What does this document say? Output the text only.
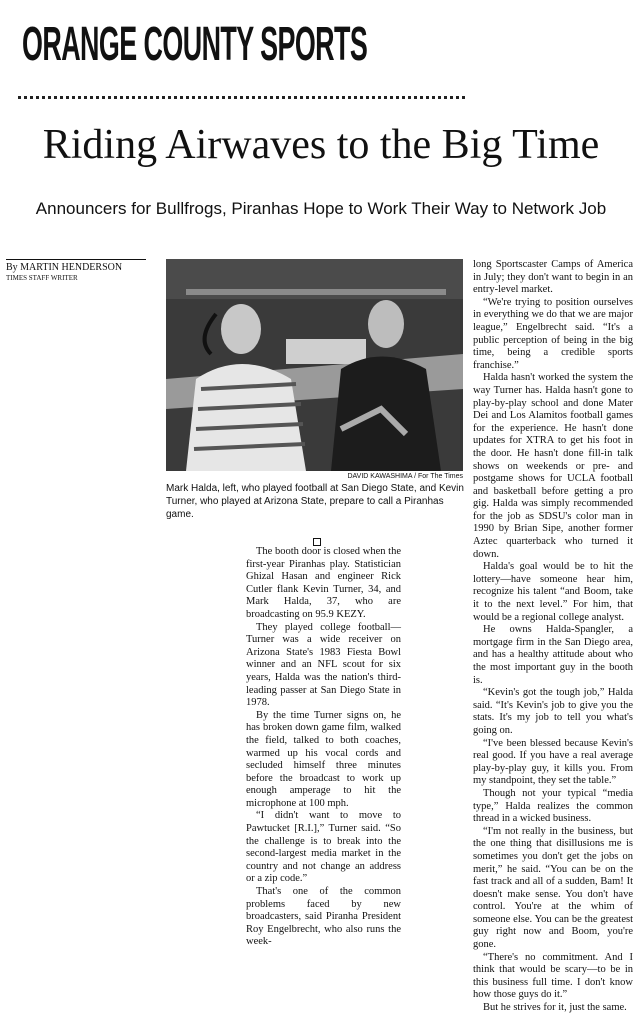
ORANGE COUNTY SPORTS
Riding Airwaves to the Big Time
Announcers for Bullfrogs, Piranhas Hope to Work Their Way to Network Job
By MARTIN HENDERSON
TIMES STAFF WRITER
DAVID KAWASHIMA / For The Times
Mark Halda, left, who played football at San Diego State, and Kevin Turner, who played at Arizona State, prepare to call a Piranhas game.

The booth door is closed when the first-year Piranhas play. Statistician Ghizal Hasan and engineer Rick Cutler flank Kevin Turner, 34, and Mark Halda, 37, who are broadcasting on 95.9 KEZY.

They played college football—Turner was a wide receiver on Arizona State's 1983 Fiesta Bowl winner and an NFL scout for six years, Halda was the nation's third-leading passer at San Diego State in 1978.

By the time Turner signs on, he has broken down game film, walked the field, talked to both coaches, warmed up his vocal cords and secluded himself three minutes before the broadcast to work up enough amperage to hit the microphone at 100 mph.

“I didn't want to move to Pawtucket [R.I.],” Turner said. “So the challenge is to break into the second-largest media market in the country and not change an address or a zip code.”

That's one of the common problems faced by new broadcasters, said Piranha President Roy Engelbrecht, who also runs the week-

long Sportscaster Camps of America in July; they don't want to begin in an entry-level market.

“We're trying to position ourselves in everything we do that we are major league,” Engelbrecht said. “It's a public perception of being in the big time, being a credible sports franchise.”

Halda hasn't worked the system the way Turner has. Halda hasn't gone to play-by-play school and done Mater Dei and Los Alamitos football games for the experience. He hasn't done updates for XTRA to get his foot in the door. He hasn't done fill-in talk shows on weekends or pre- and postgame shows for UCLA football and basketball before getting a pro gig. Halda was simply recommended for the job as SDSU's color man in 1990 by Brian Sipe, another former Aztec quarterback who turned it down.

Halda's goal would be to hit the lottery—have someone hear him, recognize his talent “and Boom, take it to the next level.” For him, that would be a regional college analyst.

He owns Halda-Spangler, a mortgage firm in the San Diego area, and has a healthy attitude about who the most important guy in the booth is.

“Kevin's got the tough job,” Halda said. “It's Kevin's job to give you the stats. It's my job to tell you what's going on.

“I've been blessed because Kevin's real good. If you have a real average play-by-play guy, it kills you. From my standpoint, they set the table.”

Though not your typical “media type,” Halda realizes the common thread in a wicked business.

“I'm not really in the business, but the one thing that disillusions me is sometimes you don't get the jobs on merit,” he said. “You can be on the fast track and all of a sudden, Bam! It doesn't make sense. You don't have control. You're at the whim of someone else. You can be the greatest guy right now and Boom, you're gone.

“There's no commitment. And I think that would be scary—to be in this business full time. I don't know how those guys do it.”

But he strives for it, just the same.
